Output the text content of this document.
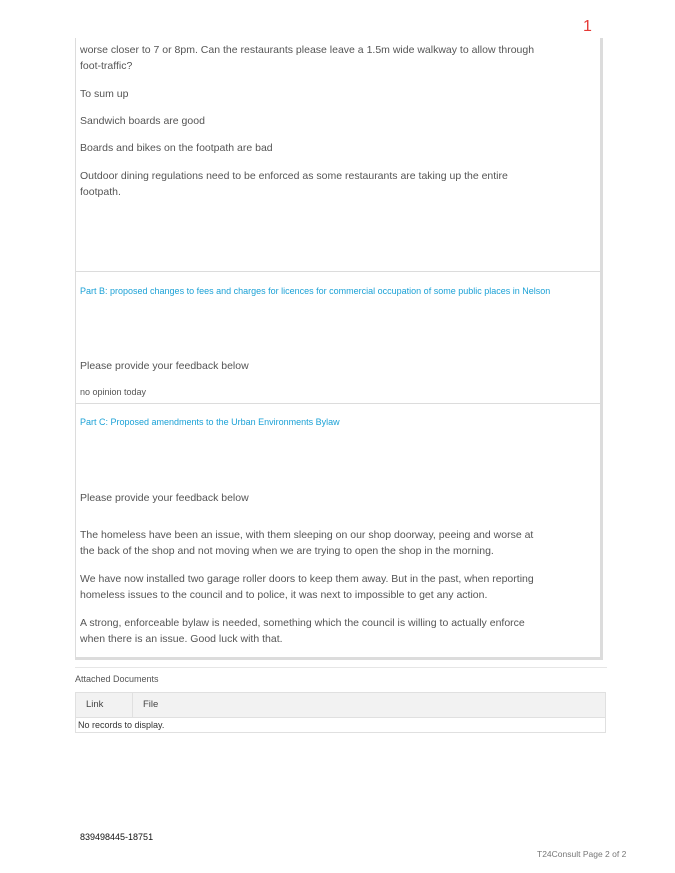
1

worse closer to 7 or 8pm. Can the restaurants please leave a 1.5m wide walkway to allow through foot-traffic?

To sum up

Sandwich boards are good

Boards and bikes on the footpath are bad

Outdoor dining regulations need to be enforced as some restaurants are taking up the entire footpath.

Part B: proposed changes to fees and charges for licences for commercial occupation of some public places in Nelson

Please provide your feedback below

no opinion today

Part C: Proposed amendments to the Urban Environments Bylaw

Please provide your feedback below

The homeless have been an issue, with them sleeping on our shop doorway, peeing and worse at the back of the shop and not moving when we are trying to open the shop in the morning.

We have now installed two garage roller doors to keep them away. But in the past, when reporting homeless issues to the council and to police, it was next to impossible to get any action.

A strong, enforceable bylaw is needed, something which the council is willing to actually enforce when there is an issue. Good luck with that.

Attached Documents
Link	File
No records to display.
839498445-18751
T24Consult Page 2 of 2
